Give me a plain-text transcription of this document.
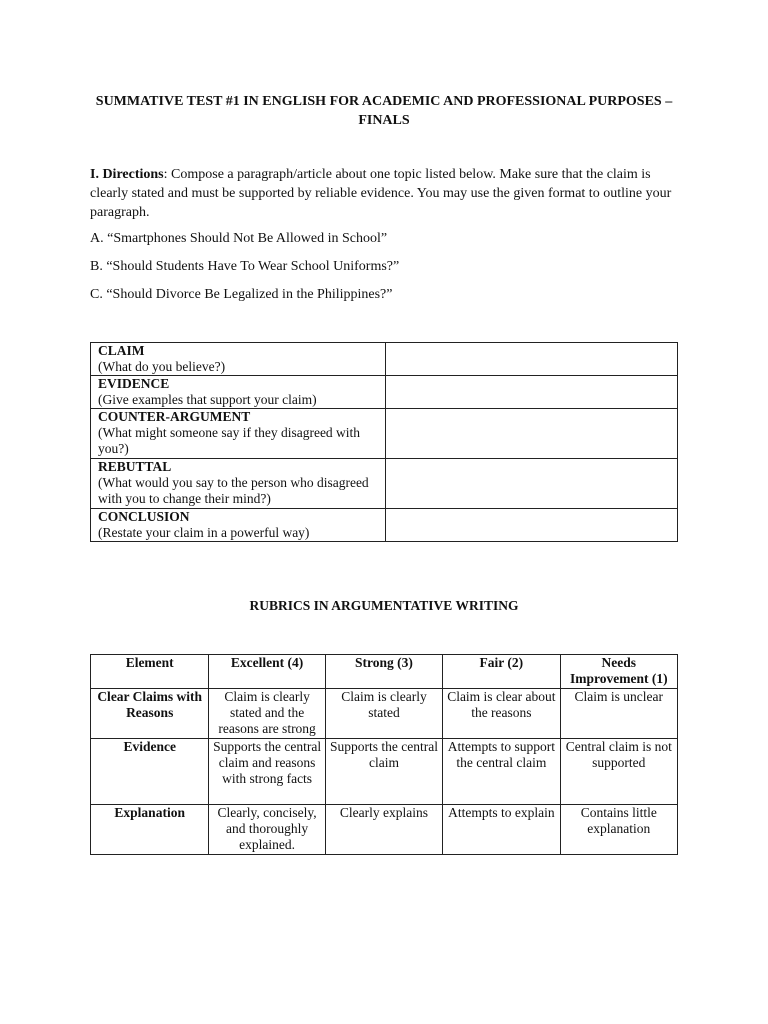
SUMMATIVE TEST #1 IN ENGLISH FOR ACADEMIC AND PROFESSIONAL PURPOSES – FINALS
I. Directions: Compose a paragraph/article about one topic listed below. Make sure that the claim is clearly stated and must be supported by reliable evidence. You may use the given format to outline your paragraph.
A. “Smartphones Should Not Be Allowed in School”
B. “Should Students Have To Wear School Uniforms?”
C. “Should Divorce Be Legalized in the Philippines?”
CLAIM
(What do you believe?)	

EVIDENCE
(Give examples that support your claim)	

COUNTER-ARGUMENT
(What might someone say if they disagreed with you?)	

REBUTTAL
(What would you say to the person who disagreed with you to change their mind?)	

CONCLUSION
(Restate your claim in a powerful way)	

RUBRICS IN ARGUMENTATIVE WRITING
Element	Excellent (4)	Strong (3)	Fair (2)	Needs Improvement (1)
Clear Claims with Reasons	Claim is clearly stated and the reasons are strong	Claim is clearly stated	Claim is clear about the reasons	Claim is unclear
Evidence	Supports the central claim and reasons with strong facts	Supports the central claim	Attempts to support the central claim	Central claim is not supported
Explanation	Clearly, concisely, and thoroughly explained.	Clearly explains	Attempts to explain	Contains little explanation
